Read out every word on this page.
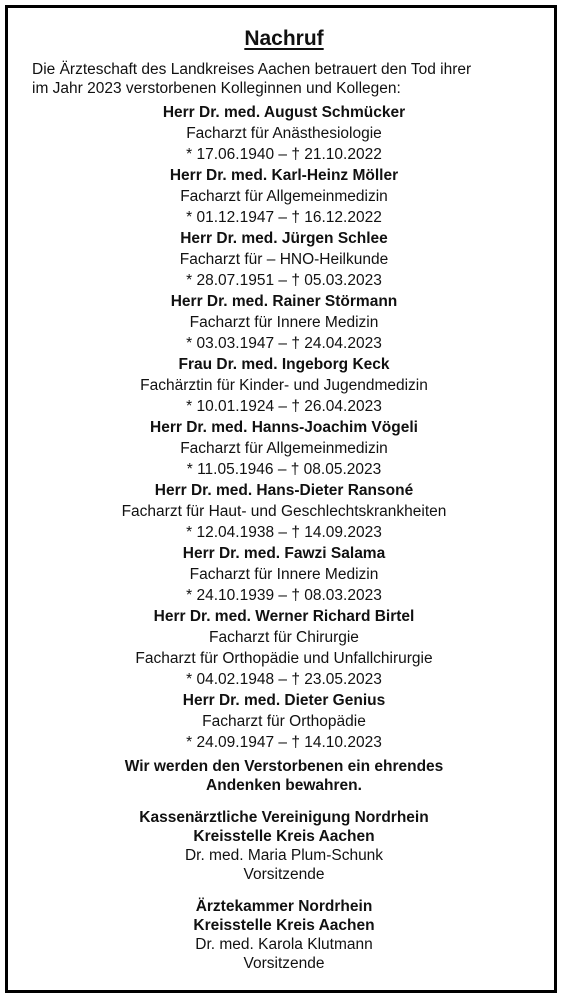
Nachruf
Die Ärzteschaft des Landkreises Aachen betrauert den Tod ihrer
im Jahr 2023 verstorbenen Kolleginnen und Kollegen:
Herr Dr. med. August Schmücker
Facharzt für Anästhesiologie
* 17.06.1940 – † 21.10.2022
Herr Dr. med. Karl-Heinz Möller
Facharzt für Allgemeinmedizin
* 01.12.1947 – † 16.12.2022
Herr Dr. med. Jürgen Schlee
Facharzt für – HNO-Heilkunde
* 28.07.1951 – † 05.03.2023
Herr Dr. med. Rainer Störmann
Facharzt für Innere Medizin
* 03.03.1947 – † 24.04.2023
Frau Dr. med. Ingeborg Keck
Fachärztin für Kinder- und Jugendmedizin
* 10.01.1924 – † 26.04.2023
Herr Dr. med. Hanns-Joachim Vögeli
Facharzt für Allgemeinmedizin
* 11.05.1946 – † 08.05.2023
Herr Dr. med. Hans-Dieter Ransoné
Facharzt für Haut- und Geschlechtskrankheiten
* 12.04.1938 – † 14.09.2023
Herr Dr. med. Fawzi Salama
Facharzt für Innere Medizin
* 24.10.1939 – † 08.03.2023
Herr Dr. med. Werner Richard Birtel
Facharzt für Chirurgie
Facharzt für Orthopädie und Unfallchirurgie
* 04.02.1948 – † 23.05.2023
Herr Dr. med. Dieter Genius
Facharzt für Orthopädie
* 24.09.1947 – † 14.10.2023
Wir werden den Verstorbenen ein ehrendes
Andenken bewahren.
Kassenärztliche Vereinigung Nordrhein
Kreisstelle Kreis Aachen
Dr. med. Maria Plum-Schunk
Vorsitzende
Ärztekammer Nordrhein
Kreisstelle Kreis Aachen
Dr. med. Karola Klutmann
Vorsitzende
